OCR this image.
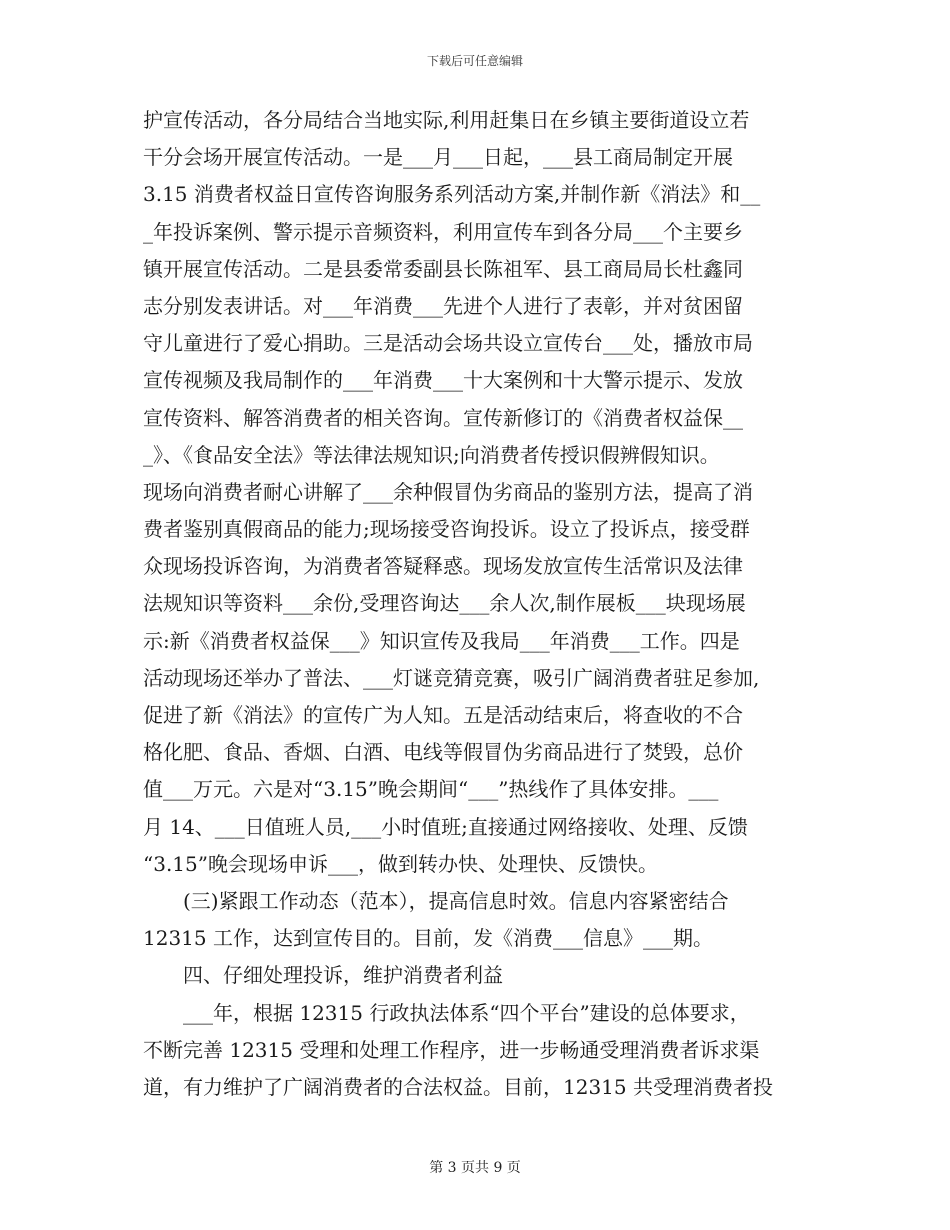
下载后可任意编辑
护宣传活动，各分局结合当地实际,利用赶集日在乡镇主要街道设立若
干分会场开展宣传活动。一是___月___日起，___县工商局制定开展
3.15 消费者权益日宣传咨询服务系列活动方案,并制作新《消法》和__
_年投诉案例、警示提示音频资料，利用宣传车到各分局___个主要乡
镇开展宣传活动。二是县委常委副县长陈祖军、县工商局局长杜鑫同
志分别发表讲话。对___年消费___先进个人进行了表彰，并对贫困留
守儿童进行了爱心捐助。三是活动会场共设立宣传台___处，播放市局
宣传视频及我局制作的___年消费___十大案例和十大警示提示、发放
宣传资料、解答消费者的相关咨询。宣传新修订的《消费者权益保__
_》、《食品安全法》等法律法规知识;向消费者传授识假辨假知识。
现场向消费者耐心讲解了___余种假冒伪劣商品的鉴别方法，提高了消
费者鉴别真假商品的能力;现场接受咨询投诉。设立了投诉点，接受群
众现场投诉咨询，为消费者答疑释惑。现场发放宣传生活常识及法律
法规知识等资料___余份,受理咨询达___余人次,制作展板___块现场展
示:新《消费者权益保___》知识宣传及我局___年消费___工作。四是
活动现场还举办了普法、___灯谜竞猜竞赛，吸引广阔消费者驻足参加,
促进了新《消法》的宣传广为人知。五是活动结束后，将查收的不合
格化肥、食品、香烟、白酒、电线等假冒伪劣商品进行了焚毁，总价
值___万元。六是对“3.15”晚会期间“___”热线作了具体安排。___
月 14、___日值班人员,___小时值班;直接通过网络接收、处理、反馈
“3.15”晚会现场申诉___，做到转办快、处理快、反馈快。
(三)紧跟工作动态（范本），提高信息时效。信息内容紧密结合
12315 工作，达到宣传目的。目前，发《消费___信息》___期。
四、仔细处理投诉，维护消费者利益
___年，根据 12315 行政执法体系“四个平台”建设的总体要求，
不断完善 12315 受理和处理工作程序，进一步畅通受理消费者诉求渠
道，有力维护了广阔消费者的合法权益。目前，12315 共受理消费者投
第 3 页共 9 页
